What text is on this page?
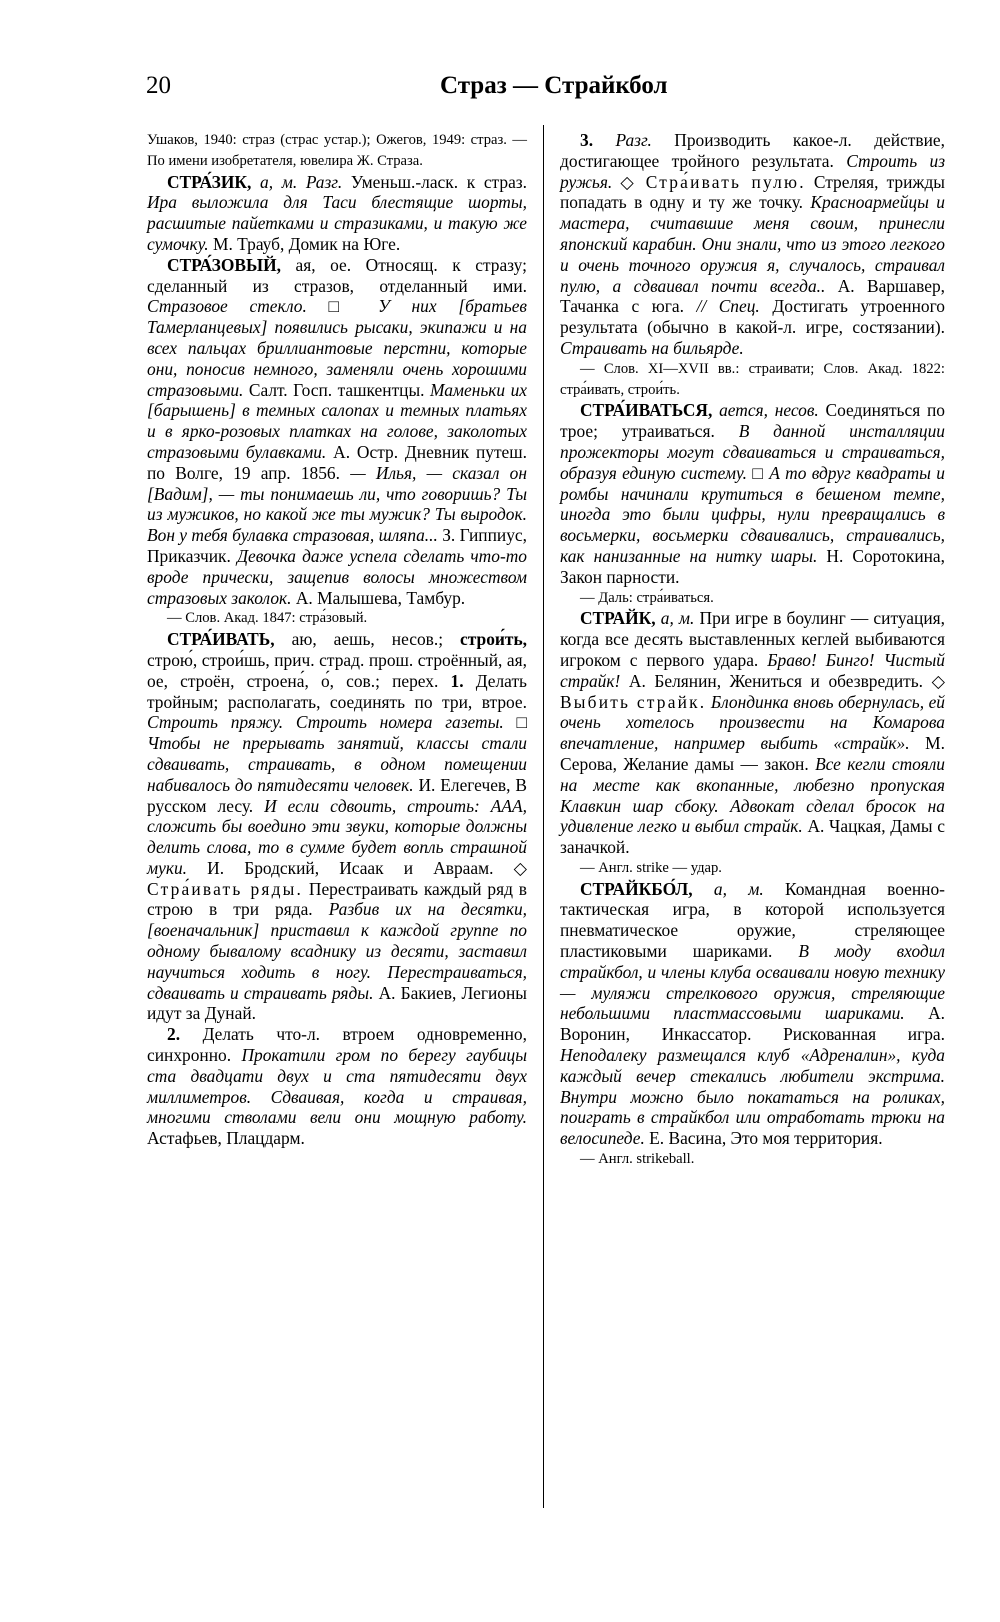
20	Страз — Страйкбол

Ушаков, 1940: страз (страс устар.); Ожегов, 1949: страз. — По имени изобретателя, ювелира Ж. Страза.

СТРА́ЗИК, а, м. Разг. Уменьш.-ласк. к страз. Ира выложила для Таси блестящие шорты, расшитые пайетками и стразиками, и такую же сумочку. М. Трауб, Домик на Юге.

СТРА́ЗОВЫЙ, ая, ое. Относящ. к стразу; сделанный из стразов, отделанный ими. Стразовое стекло. □ У них [братьев Тамерланцевых] появились рысаки, экипажи и на всех пальцах бриллиантовые перстни, которые они, поносив немного, заменяли очень хорошими стразовыми. Салт. Госп. ташкентцы. Маменьки их [барышень] в темных салопах и темных платьях и в ярко-розовых платках на голове, заколотых стразовыми булавками. А. Остр. Дневник путеш. по Волге, 19 апр. 1856. — Илья, — сказал он [Вадим], — ты понимаешь ли, что говоришь? Ты из мужиков, но какой же ты мужик? Ты выродок. Вон у тебя булавка стразовая, шляпа... З. Гиппиус, Приказчик. Девочка даже успела сделать что-то вроде прически, защепив волосы множеством стразовых заколок. А. Малышева, Тамбур.

— Слов. Акад. 1847: стра́зовый.

СТРА́ИВАТЬ, аю, аешь, несов.; строи́ть, строю́, строи́шь, прич. страд. прош. строённый, ая, ое, строён, строена́, о́, сов.; перех. 1. Делать тройным; располагать, соединять по три, втрое. Строить пряжу. Строить номера газеты. □ Чтобы не прерывать занятий, классы стали сдваивать, страивать, в одном помещении набивалось до пятидесяти человек. И. Елегечев, В русском лесу. И если сдвоить, строить: ААА, сложить бы воедино эти звуки, которые должны делить слова, то в сумме будет вопль страшной муки. И. Бродский, Исаак и Авраам. ◇ Стра́ивать ряды. Перестраивать каждый ряд в строю в три ряда. Разбив их на десятки, [военачальник] приставил к каждой группе по одному бывалому всаднику из десяти, заставил научиться ходить в ногу. Перестраиваться, сдваивать и страивать ряды. А. Бакиев, Легионы идут за Дунай.

2. Делать что-л. втроем одновременно, синхронно. Прокатили гром по берегу гаубицы ста двадцати двух и ста пятидесяти двух миллиметров. Сдваивая, когда и страивая, многими стволами вели они мощную работу. Астафьев, Плацдарм.

3. Разг. Производить какое-л. действие, достигающее тройного результата. Строить из ружья. ◇ Стра́ивать пулю. Стреляя, трижды попадать в одну и ту же точку. Красноармейцы и мастера, считавшие меня своим, принесли японский карабин. Они знали, что из этого легкого и очень точного оружия я, случалось, страивал пулю, а сдваивал почти всегда.. А. Варшавер, Тачанка с юга. // Спец. Достигать утроенного результата (обычно в какой-л. игре, состязании). Страивать на бильярде.

— Слов. XI—XVII вв.: страивати; Слов. Акад. 1822: стра́ивать, строи́ть.

СТРА́ИВАТЬСЯ, ается, несов. Соединяться по трое; утраиваться. В данной инсталляции прожекторы могут сдваиваться и страиваться, образуя единую систему. □ А то вдруг квадраты и ромбы начинали крутиться в бешеном темпе, иногда это были цифры, нули превращались в восьмерки, восьмерки сдваивались, страивались, как нанизанные на нитку шары. Н. Соротокина, Закон парности.

— Даль: стра́иваться.

СТРАЙК, а, м. При игре в боулинг — ситуация, когда все десять выставленных кеглей выбиваются игроком с первого удара. Браво! Бинго! Чистый страйк! А. Белянин, Жениться и обезвредить. ◇ Выбить страйк. Блондинка вновь обернулась, ей очень хотелось произвести на Комарова впечатление, например выбить «страйк». М. Серова, Желание дамы — закон. Все кегли стояли на месте как вкопанные, любезно пропуская Клавкин шар сбоку. Адвокат сделал бросок на удивление легко и выбил страйк. А. Чацкая, Дамы с заначкой.

— Англ. strike — удар.

СТРАЙКБО́Л, а, м. Командная военно-тактическая игра, в которой используется пневматическое оружие, стреляющее пластиковыми шариками. В моду входил страйкбол, и члены клуба осваивали новую технику — муляжи стрелкового оружия, стреляющие небольшими пластмассовыми шариками. А. Воронин, Инкассатор. Рискованная игра. Неподалеку размещался клуб «Адреналин», куда каждый вечер стекались любители экстрима. Внутри можно было покататься на роликах, поиграть в страйкбол или отработать трюки на велосипеде. Е. Васина, Это моя территория.

— Англ. strikeball.
